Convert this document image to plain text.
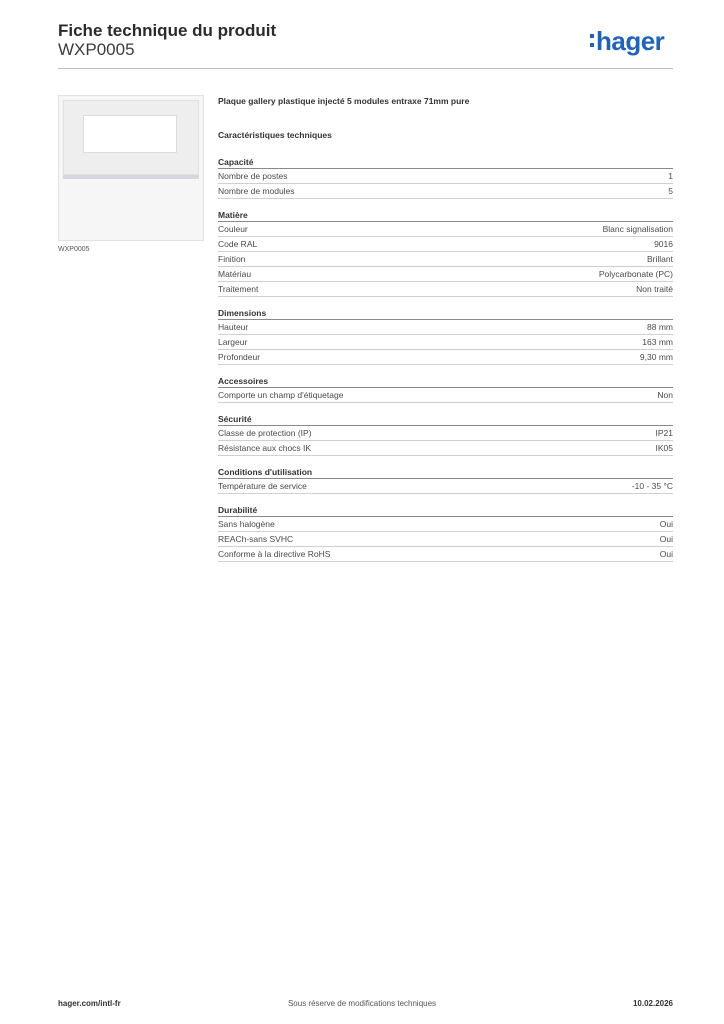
Fiche technique du produit
WXP0005	hager
WXP0005
Plaque gallery plastique injecté 5 modules entraxe 71mm pure
Caractéristiques techniques
Capacité
Nombre de postes	1
Nombre de modules	5
Matière
Couleur	Blanc signalisation
Code RAL	9016
Finition	Brillant
Matériau	Polycarbonate (PC)
Traitement	Non traité
Dimensions
Hauteur	88 mm
Largeur	163 mm
Profondeur	9,30 mm
Accessoires
Comporte un champ d'étiquetage	Non
Sécurité
Classe de protection (IP)	IP21
Résistance aux chocs IK	IK05
Conditions d'utilisation
Température de service	-10 - 35 °C
Durabilité
Sans halogène	Oui
REACh-sans SVHC	Oui
Conforme à la directive RoHS	Oui
hager.com/intl-fr	Sous réserve de modifications techniques	10.02.2026
